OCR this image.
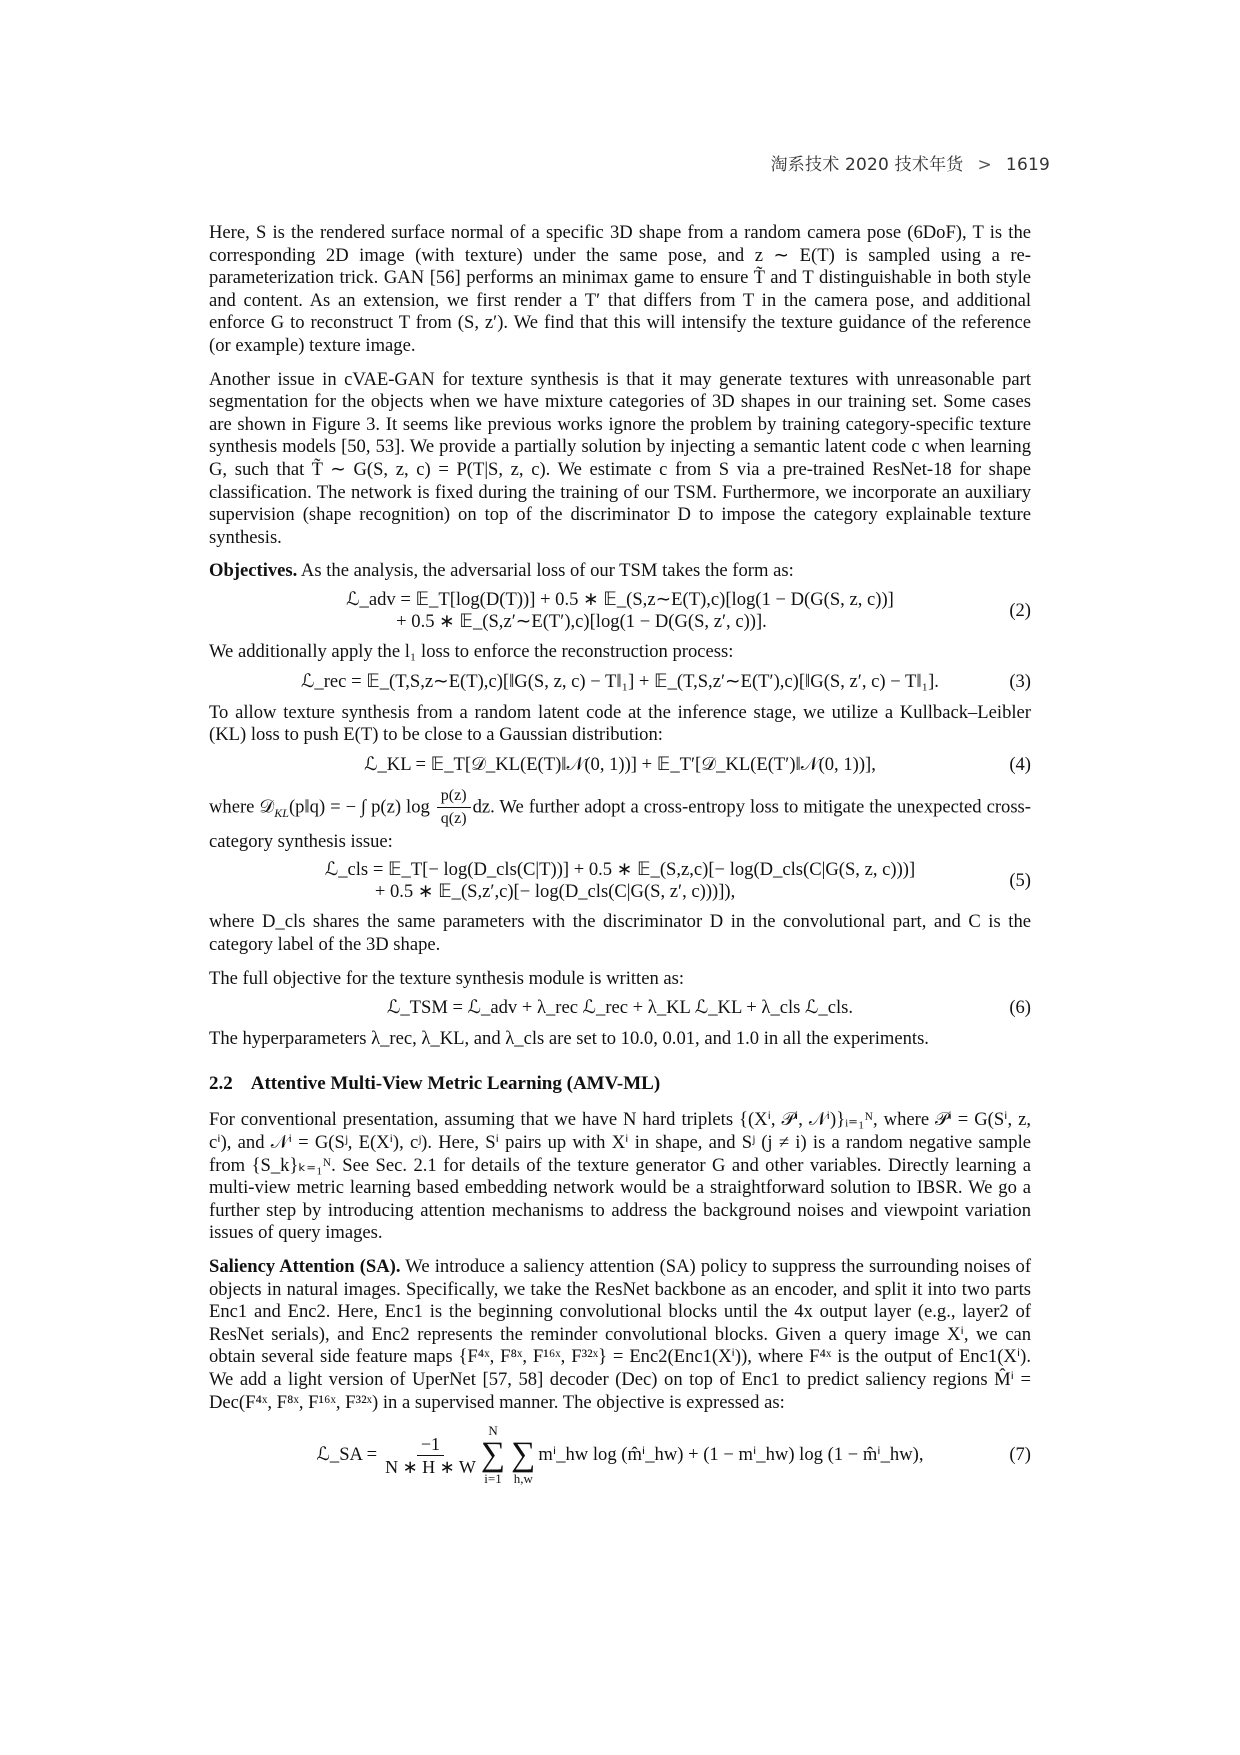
淘系技术 2020 技术年货 > 1619

Here, S is the rendered surface normal of a specific 3D shape from a random camera pose (6DoF), T is the corresponding 2D image (with texture) under the same pose, and z ∼ E(T) is sampled using a re-parameterization trick. GAN [56] performs an minimax game to ensure T̃ and T distinguishable in both style and content. As an extension, we first render a T′ that differs from T in the camera pose, and additional enforce G to reconstruct T from (S, z′). We find that this will intensify the texture guidance of the reference (or example) texture image.

Another issue in cVAE-GAN for texture synthesis is that it may generate textures with unreasonable part segmentation for the objects when we have mixture categories of 3D shapes in our training set. Some cases are shown in Figure 3. It seems like previous works ignore the problem by training category-specific texture synthesis models [50, 53]. We provide a partially solution by injecting a semantic latent code c when learning G, such that T̃ ∼ G(S, z, c) = P(T|S, z, c). We estimate c from S via a pre-trained ResNet-18 for shape classification. The network is fixed during the training of our TSM. Furthermore, we incorporate an auxiliary supervision (shape recognition) on top of the discriminator D to impose the category explainable texture synthesis.

Objectives. As the analysis, the adversarial loss of our TSM takes the form as:

ℒ_adv = 𝔼_T[log(D(T))] + 0.5 ∗ 𝔼_(S,z∼E(T),c)[log(1 − D(G(S, z, c))]
+ 0.5 ∗ 𝔼_(S,z′∼E(T′),c)[log(1 − D(G(S, z′, c))].
(2)

We additionally apply the l₁ loss to enforce the reconstruction process:

ℒ_rec = 𝔼_(T,S,z∼E(T),c)[‖G(S, z, c) − T‖₁] + 𝔼_(T,S,z′∼E(T′),c)[‖G(S, z′, c) − T‖₁].	(3)

To allow texture synthesis from a random latent code at the inference stage, we utilize a Kullback–Leibler (KL) loss to push E(T) to be close to a Gaussian distribution:

ℒ_KL = 𝔼_T[𝒟_KL(E(T)‖𝒩(0, 1))] + 𝔼_T′[𝒟_KL(E(T′)‖𝒩(0, 1))],	(4)

where 𝒟$_{KL}$(p‖q) = − ∫ p(z) $\log \frac{p(z)}{q(z)}$ dz. We further adopt a cross-entropy loss to mitigate the unexpected cross-category synthesis issue:

ℒ_cls = 𝔼_T[− log(D_cls(C|T))] + 0.5 ∗ 𝔼_(S,z,c)[− log(D_cls(C|G(S, z, c)))]
+ 0.5 ∗ 𝔼_(S,z′,c)[− log(D_cls(C|G(S, z′, c)))]),
(5)

where D_cls shares the same parameters with the discriminator D in the convolutional part, and C is the category label of the 3D shape.

The full objective for the texture synthesis module is written as:

ℒ_TSM = ℒ_adv + λ_rec ℒ_rec + λ_KL ℒ_KL + λ_cls ℒ_cls.	(6)

The hyperparameters λ_rec, λ_KL, and λ_cls are set to 10.0, 0.01, and 1.0 in all the experiments.

2.2 Attentive Multi-View Metric Learning (AMV-ML)

For conventional presentation, assuming that we have N hard triplets {(Xⁱ, 𝒫ⁱ, 𝒩ⁱ)}ᵢ₌₁ᴺ, where 𝒫ⁱ = G(Sⁱ, z, cⁱ), and 𝒩ⁱ = G(Sʲ, E(Xⁱ), cʲ). Here, Sⁱ pairs up with Xⁱ in shape, and Sʲ (j ≠ i) is a random negative sample from {S_k}ₖ₌₁ᴺ. See Sec. 2.1 for details of the texture generator G and other variables. Directly learning a multi-view metric learning based embedding network would be a straightforward solution to IBSR. We go a further step by introducing attention mechanisms to address the background noises and viewpoint variation issues of query images.

Saliency Attention (SA). We introduce a saliency attention (SA) policy to suppress the surrounding noises of objects in natural images. Specifically, we take the ResNet backbone as an encoder, and split it into two parts Enc1 and Enc2. Here, Enc1 is the beginning convolutional blocks until the 4x output layer (e.g., layer2 of ResNet serials), and Enc2 represents the reminder convolutional blocks. Given a query image Xⁱ, we can obtain several side feature maps {F⁴ˣ, F⁸ˣ, F¹⁶ˣ, F³²ˣ} = Enc2(Enc1(Xⁱ)), where F⁴ˣ is the output of Enc1(Xⁱ). We add a light version of UperNet [57, 58] decoder (Dec) on top of Enc1 to predict saliency regions M̂ⁱ = Dec(F⁴ˣ, F⁸ˣ, F¹⁶ˣ, F³²ˣ) in a supervised manner. The objective is expressed as:

ℒ_SA = $\frac{-1}{N ∗ H ∗ W}$
N
∑
i=1

∑
h,w
mⁱ_hw log (m̂ⁱ_hw) + (1 − mⁱ_hw) log (1 − m̂ⁱ_hw),	(7)
